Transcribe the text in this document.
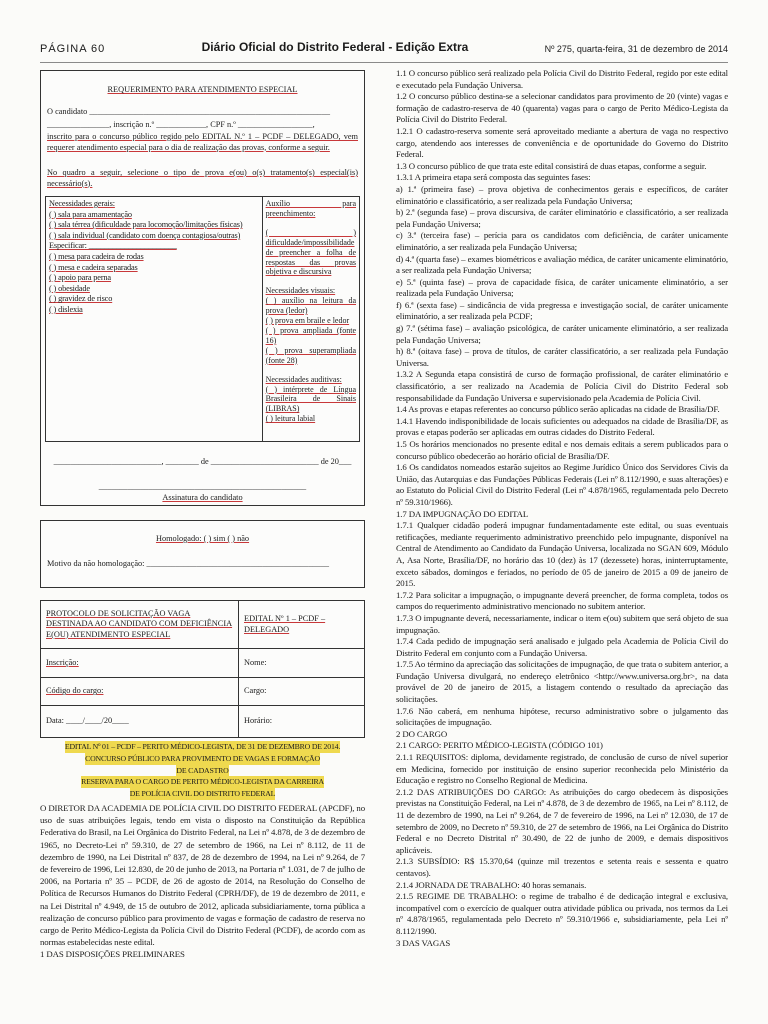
PÁGINA 60	Diário Oficial do Distrito Federal - Edição Extra	Nº 275, quarta-feira, 31 de dezembro de 2014
REQUERIMENTO PARA ATENDIMENTO ESPECIAL
O candidato __________________________________________________________
_______________, inscrição n.º ____________, CPF n.º __________________,
inscrito para o concurso público regido pelo EDITAL N.º 1 – PCDF – DELEGADO, vem requerer atendimento especial para o dia de realização das provas, conforme a seguir.
No quadro a seguir, selecione o tipo de prova e(ou) o(s) tratamento(s) especial(is) necessário(s).
Necessidades gerais:
( ) sala para amamentação
( ) sala térrea (dificuldade para locomoção/limitações físicas)
( ) sala individual (candidato com doença contagiosa/outras)
Especificar: ______________________
( ) mesa para cadeira de rodas
( ) mesa e cadeira separadas
( ) apoio para perna
( ) obesidade
( ) gravidez de risco
( ) dislexia
Auxílio para preenchimento:
( ) dificuldade/impossibilidade de preencher a folha de respostas das provas objetiva e discursiva
Necessidades visuais:
( ) auxílio na leitura da prova (ledor)
( ) prova em braile e ledor
( ) prova ampliada (fonte 16)
( ) prova superampliada (fonte 28)
Necessidades auditivas:
( ) intérprete de Língua Brasileira de Sinais (LIBRAS)
( ) leitura labial
__________________________, ________ de __________________________ de 20___
__________________________________________________
Assinatura do candidato
Homologado: ( ) sim ( ) não
Motivo da não homologação: ____________________________________________
PROTOCOLO DE SOLICITAÇÃO VAGA DESTINADA AO CANDIDATO COM DEFICIÊNCIA E(OU) ATENDIMENTO ESPECIAL	EDITAL Nº 1 – PCDF – DELEGADO
Inscrição:	Nome:
Código do cargo:	Cargo:
Data: ____/____/20____	Horário:
EDITAL Nº 01 – PCDF – PERITO MÉDICO-LEGISTA, DE 31 DE DEZEMBRO DE 2014.
CONCURSO PÚBLICO PARA PROVIMENTO DE VAGAS E FORMAÇÃO
DE CADASTRO
RESERVA PARA O CARGO DE PERITO MÉDICO-LEGISTA DA CARREIRA
DE POLÍCIA CIVIL DO DISTRITO FEDERAL
O DIRETOR DA ACADEMIA DE POLÍCIA CIVIL DO DISTRITO FEDERAL (APCDF), no uso de suas atribuições legais, tendo em vista o disposto na Constituição da República Federativa do Brasil, na Lei Orgânica do Distrito Federal, na Lei nº 4.878, de 3 de dezembro de 1965, no Decreto-Lei nº 59.310, de 27 de setembro de 1966, na Lei nº 8.112, de 11 de dezembro de 1990, na Lei Distrital nº 837, de 28 de dezembro de 1994, na Lei nº 9.264, de 7 de fevereiro de 1996, Lei 12.830, de 20 de junho de 2013, na Portaria nº 1.031, de 7 de julho de 2006, na Portaria nº 35 – PCDF, de 26 de agosto de 2014, na Resolução do Conselho de Política de Recursos Humanos do Distrito Federal (CPRH/DF), de 19 de dezembro de 2011, e na Lei Distrital nº 4.949, de 15 de outubro de 2012, aplicada subsidiariamente, torna pública a realização de concurso público para provimento de vagas e formação de cadastro de reserva no cargo de Perito Médico-Legista da Polícia Civil do Distrito Federal (PCDF), de acordo com as normas estabelecidas neste edital.
1 DAS DISPOSIÇÕES PRELIMINARES

1.1 O concurso público será realizado pela Polícia Civil do Distrito Federal, regido por este edital e executado pela Fundação Universa.

1.2 O concurso público destina-se a selecionar candidatos para provimento de 20 (vinte) vagas e formação de cadastro-reserva de 40 (quarenta) vagas para o cargo de Perito Médico-Legista da Polícia Civil do Distrito Federal.

1.2.1 O cadastro-reserva somente será aproveitado mediante a abertura de vaga no respectivo cargo, atendendo aos interesses de conveniência e de oportunidade do Governo do Distrito Federal.

1.3 O concurso público de que trata este edital consistirá de duas etapas, conforme a seguir.

1.3.1 A primeira etapa será composta das seguintes fases:

a) 1.ª (primeira fase) – prova objetiva de conhecimentos gerais e específicos, de caráter eliminatório e classificatório, a ser realizada pela Fundação Universa;

b) 2.ª (segunda fase) – prova discursiva, de caráter eliminatório e classificatório, a ser realizada pela Fundação Universa;

c) 3.ª (terceira fase) – perícia para os candidatos com deficiência, de caráter unicamente eliminatório, a ser realizada pela Fundação Universa;

d) 4.ª (quarta fase) – exames biométricos e avaliação médica, de caráter unicamente eliminatório, a ser realizada pela Fundação Universa;

e) 5.ª (quinta fase) – prova de capacidade física, de caráter unicamente eliminatório, a ser realizada pela Fundação Universa;

f) 6.ª (sexta fase) – sindicância de vida pregressa e investigação social, de caráter unicamente eliminatório, a ser realizada pela PCDF;

g) 7.ª (sétima fase) – avaliação psicológica, de caráter unicamente eliminatório, a ser realizada pela Fundação Universa;

h) 8.ª (oitava fase) – prova de títulos, de caráter classificatório, a ser realizada pela Fundação Universa.

1.3.2 A Segunda etapa consistirá de curso de formação profissional, de caráter eliminatório e classificatório, a ser realizado na Academia de Polícia Civil do Distrito Federal sob responsabilidade da Fundação Universa e supervisionado pela Academia de Polícia Civil.

1.4 As provas e etapas referentes ao concurso público serão aplicadas na cidade de Brasília/DF.

1.4.1 Havendo indisponibilidade de locais suficientes ou adequados na cidade de Brasília/DF, as provas e etapas poderão ser aplicadas em outras cidades do Distrito Federal.

1.5 Os horários mencionados no presente edital e nos demais editais a serem publicados para o concurso público obedecerão ao horário oficial de Brasília/DF.

1.6 Os candidatos nomeados estarão sujeitos ao Regime Jurídico Único dos Servidores Civis da União, das Autarquias e das Fundações Públicas Federais (Lei nº 8.112/1990, e suas alterações) e ao Estatuto do Policial Civil do Distrito Federal (Lei nº 4.878/1965, regulamentada pelo Decreto nº 59.310/1966).

1.7 DA IMPUGNAÇÃO DO EDITAL

1.7.1 Qualquer cidadão poderá impugnar fundamentadamente este edital, ou suas eventuais retificações, mediante requerimento administrativo preenchido pelo impugnante, disponível na Central de Atendimento ao Candidato da Fundação Universa, localizada no SGAN 609, Módulo A, Asa Norte, Brasília/DF, no horário das 10 (dez) às 17 (dezessete) horas, ininterruptamente, exceto sábados, domingos e feriados, no período de 05 de janeiro de 2015 a 09 de janeiro de 2015.

1.7.2 Para solicitar a impugnação, o impugnante deverá preencher, de forma completa, todos os campos do requerimento administrativo mencionado no subitem anterior.

1.7.3 O impugnante deverá, necessariamente, indicar o item e(ou) subitem que será objeto de sua impugnação.

1.7.4 Cada pedido de impugnação será analisado e julgado pela Academia de Polícia Civil do Distrito Federal em conjunto com a Fundação Universa.

1.7.5 Ao término da apreciação das solicitações de impugnação, de que trata o subitem anterior, a Fundação Universa divulgará, no endereço eletrônico <http://www.universa.org.br>, na data provável de 20 de janeiro de 2015, a listagem contendo o resultado da apreciação das solicitações.

1.7.6 Não caberá, em nenhuma hipótese, recurso administrativo sobre o julgamento das solicitações de impugnação.

2 DO CARGO

2.1 CARGO: PERITO MÉDICO-LEGISTA (CÓDIGO 101)

2.1.1 REQUISITOS: diploma, devidamente registrado, de conclusão de curso de nível superior em Medicina, fornecido por instituição de ensino superior reconhecida pelo Ministério da Educação e registro no Conselho Regional de Medicina.

2.1.2 DAS ATRIBUIÇÕES DO CARGO: As atribuições do cargo obedecem às disposições previstas na Constituição Federal, na Lei nº 4.878, de 3 de dezembro de 1965, na Lei nº 8.112, de 11 de dezembro de 1990, na Lei nº 9.264, de 7 de fevereiro de 1996, na Lei nº 12.030, de 17 de setembro de 2009, no Decreto nº 59.310, de 27 de setembro de 1966, na Lei Orgânica do Distrito Federal e no Decreto Distrital nº 30.490, de 22 de junho de 2009, e demais dispositivos aplicáveis.

2.1.3 SUBSÍDIO: R$ 15.370,64 (quinze mil trezentos e setenta reais e sessenta e quatro centavos).

2.1.4 JORNADA DE TRABALHO: 40 horas semanais.

2.1.5 REGIME DE TRABALHO: o regime de trabalho é de dedicação integral e exclusiva, incompatível com o exercício de qualquer outra atividade pública ou privada, nos termos da Lei nº 4.878/1965, regulamentada pelo Decreto nº 59.310/1966 e, subsidiariamente, pela Lei nº 8.112/1990.

3 DAS VAGAS
